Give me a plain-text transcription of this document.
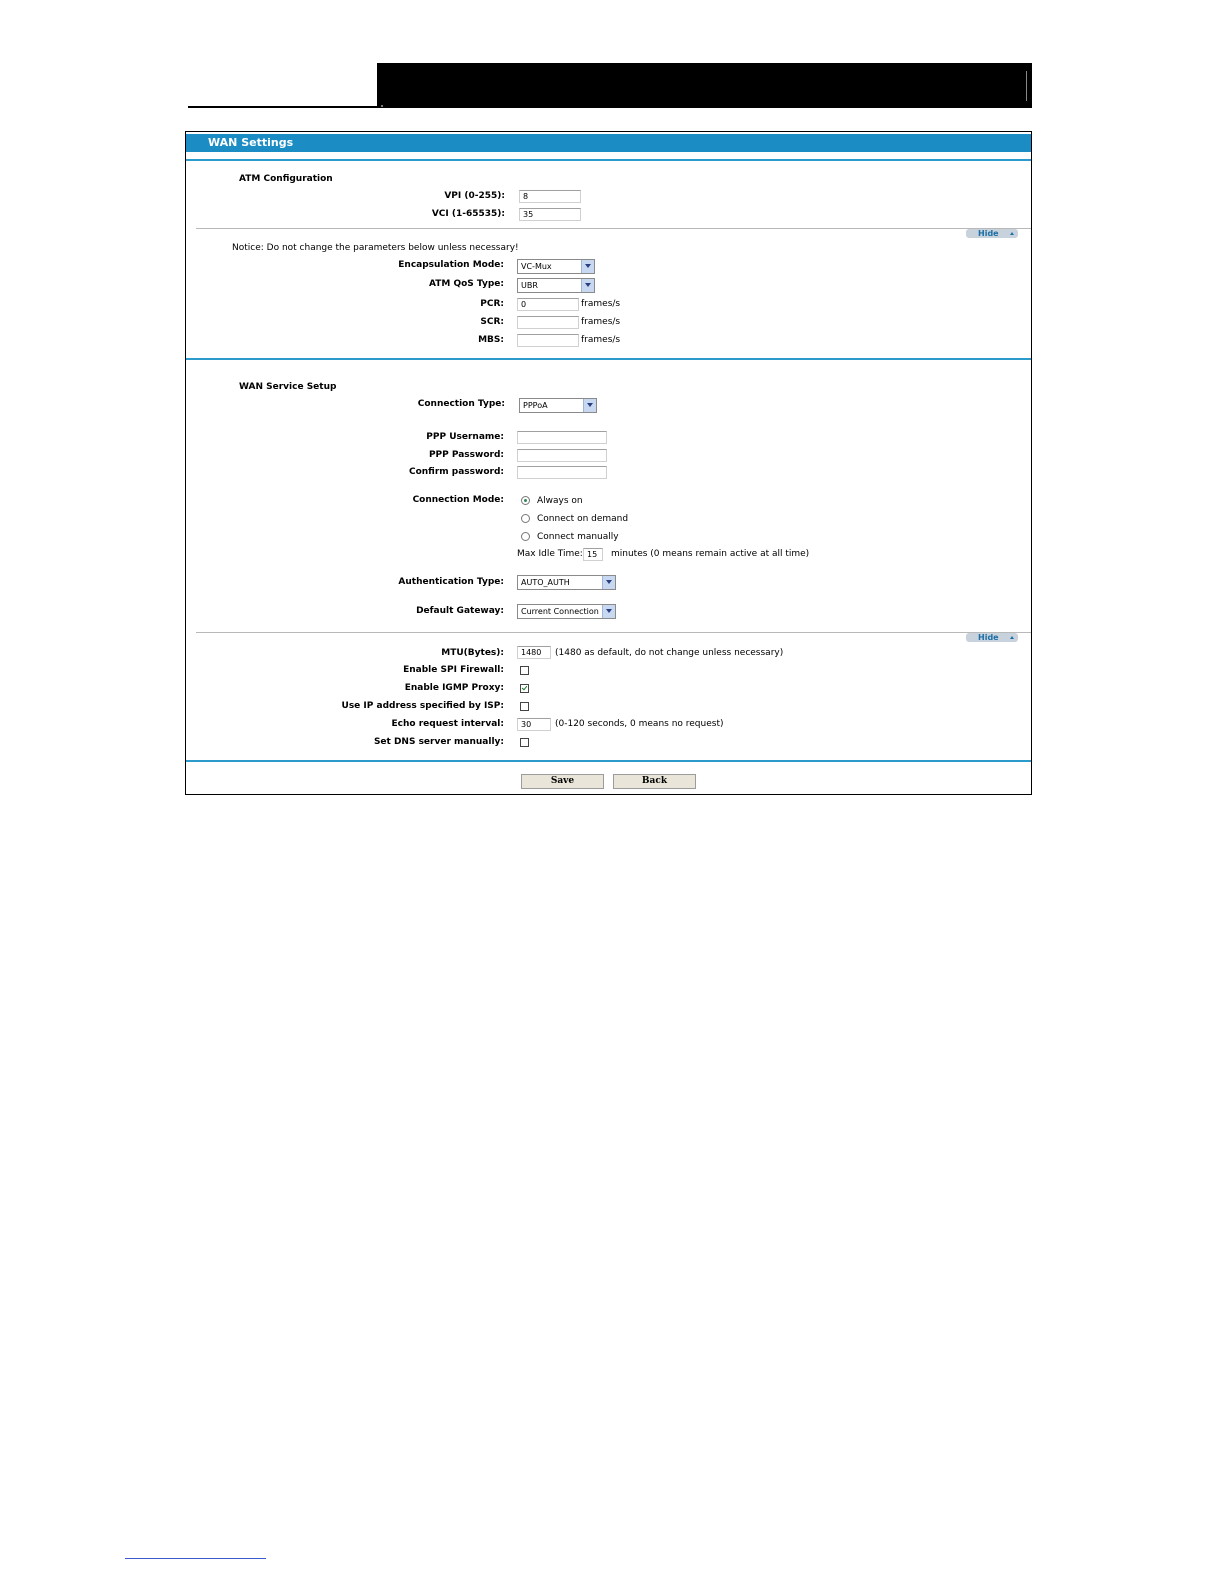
WAN Settings
ATM Configuration
VPI (0-255):	8
VCI (1-65535):	35
Hide
Notice: Do not change the parameters below unless necessary!
Encapsulation Mode:	VC-Mux
ATM QoS Type:	UBR
PCR:	0	frames/s
SCR:	frames/s
MBS:	frames/s
WAN Service Setup
Connection Type:	PPPoA
PPP Username:
PPP Password:
Confirm password:
Connection Mode:	Always on
Connect on demand
Connect manually
Max Idle Time: 15	minutes (0 means remain active at all time)
Authentication Type:	AUTO_AUTH
Default Gateway:	Current Connection
Hide
MTU(Bytes):	1480	(1480 as default, do not change unless necessary)
Enable SPI Firewall:
Enable IGMP Proxy:
Use IP address specified by ISP:
Echo request interval:	30	(0-120 seconds, 0 means no request)
Set DNS server manually:
Save	Back
